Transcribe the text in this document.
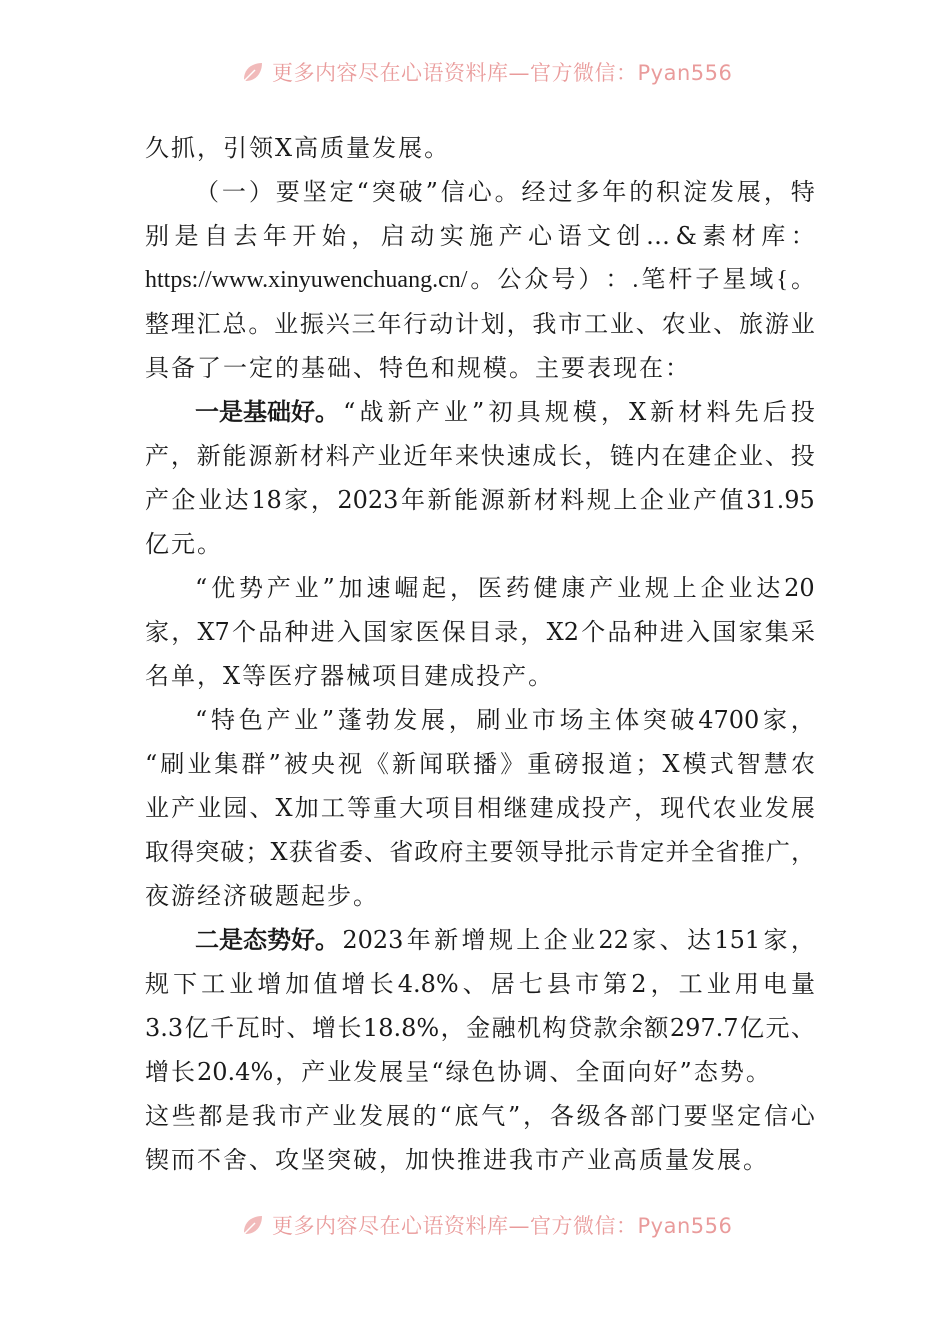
更多内容尽在心语资料库—官方微信：Pyan556
久 抓 ， 引 领 X 高 质 量 发 展 。
（ 一 ） 要 坚 定 “ 突 破 ” 信 心 。 经 过 多 年 的 积 淀 发 展 ， 特
别 是 自 去 年 开 始 ， 启 动 实 施 产 心 语 文 创 … & 素 材 库 ：
https://www.xinyuwenchuang.cn/ 。 公 众 号 ） ： . 笔 杆 子 星 域 { 。
整 理 汇 总 。 业 振 兴 三 年 行 动 计 划 ， 我 市 工 业 、 农 业 、 旅 游 业
具 备 了 一 定 的 基 础 、 特 色 和 规 模 。 主 要 表 现 在 ：
一是基础好。 “ 战 新 产 业 ” 初 具 规 模 ， X 新 材 料 先 后 投
产 ， 新 能 源 新 材 料 产 业 近 年 来 快 速 成 长 ， 链 内 在 建 企 业 、 投
产 企 业 达 18 家 ， 2023 年 新 能 源 新 材 料 规 上 企 业 产 值 31.95
亿 元 。
“ 优 势 产 业 ” 加 速 崛 起 ， 医 药 健 康 产 业 规 上 企 业 达 20
家 ， X7 个 品 种 进 入 国 家 医 保 目 录 ， X2 个 品 种 进 入 国 家 集 采
名 单 ， X 等 医 疗 器 械 项 目 建 成 投 产 。
“ 特 色 产 业 ” 蓬 勃 发 展 ， 刷 业 市 场 主 体 突 破 4700 家 ，
“ 刷 业 集 群 ” 被 央 视 《 新 闻 联 播 》 重 磅 报 道 ； X 模 式 智 慧 农
业 产 业 园 、 X 加 工 等 重 大 项 目 相 继 建 成 投 产 ， 现 代 农 业 发 展
取 得 突 破 ； X 获 省 委 、 省 政 府 主 要 领 导 批 示 肯 定 并 全 省 推 广 ，
夜 游 经 济 破 题 起 步 。
二是态势好。 2023 年 新 增 规 上 企 业 22 家 、 达 151 家 ，
规 下 工 业 增 加 值 增 长 4.8% 、 居 七 县 市 第 2 ， 工 业 用 电 量
3.3 亿 千 瓦 时 、 增 长 18.8% ， 金 融 机 构 贷 款 余 额 297.7 亿 元 、
增 长 20.4% ， 产 业 发 展 呈 “ 绿 色 协 调 、 全 面 向 好 ” 态 势 。
这 些 都 是 我 市 产 业 发 展 的 “ 底 气 ” ， 各 级 各 部 门 要 坚 定 信 心
锲 而 不 舍 、 攻 坚 突 破 ， 加 快 推 进 我 市 产 业 高 质 量 发 展 。
更多内容尽在心语资料库—官方微信：Pyan556
